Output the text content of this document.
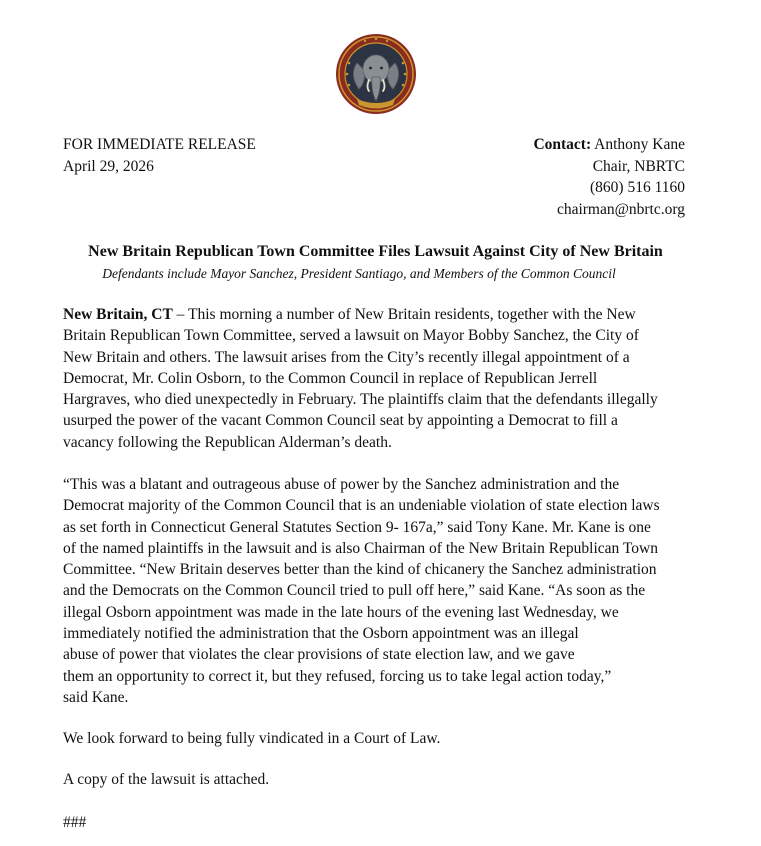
FOR IMMEDIATE RELEASE
April 29, 2026
Contact: Anthony Kane
Chair, NBRTC
(860) 516 1160
chairman@nbrtc.org
New Britain Republican Town Committee Files Lawsuit Against City of New Britain
Defendants include Mayor Sanchez, President Santiago, and Members of the Common Council
New Britain, CT – This morning a number of New Britain residents, together with the New
Britain Republican Town Committee, served a lawsuit on Mayor Bobby Sanchez, the City of
New Britain and others. The lawsuit arises from the City’s recently illegal appointment of a
Democrat, Mr. Colin Osborn, to the Common Council in replace of Republican Jerrell
Hargraves, who died unexpectedly in February. The plaintiffs claim that the defendants illegally
usurped the power of the vacant Common Council seat by appointing a Democrat to fill a
vacancy following the Republican Alderman’s death.
“This was a blatant and outrageous abuse of power by the Sanchez administration and the
Democrat majority of the Common Council that is an undeniable violation of state election laws
as set forth in Connecticut General Statutes Section 9- 167a,” said Tony Kane. Mr. Kane is one
of the named plaintiffs in the lawsuit and is also Chairman of the New Britain Republican Town
Committee. “New Britain deserves better than the kind of chicanery the Sanchez administration
and the Democrats on the Common Council tried to pull off here,” said Kane. “As soon as the
illegal Osborn appointment was made in the late hours of the evening last Wednesday, we
immediately notified the administration that the Osborn appointment was an illegal
abuse of power that violates the clear provisions of state election law, and we gave
them an opportunity to correct it, but they refused, forcing us to take legal action today,”
said Kane.
We look forward to being fully vindicated in a Court of Law.
A copy of the lawsuit is attached.
###
